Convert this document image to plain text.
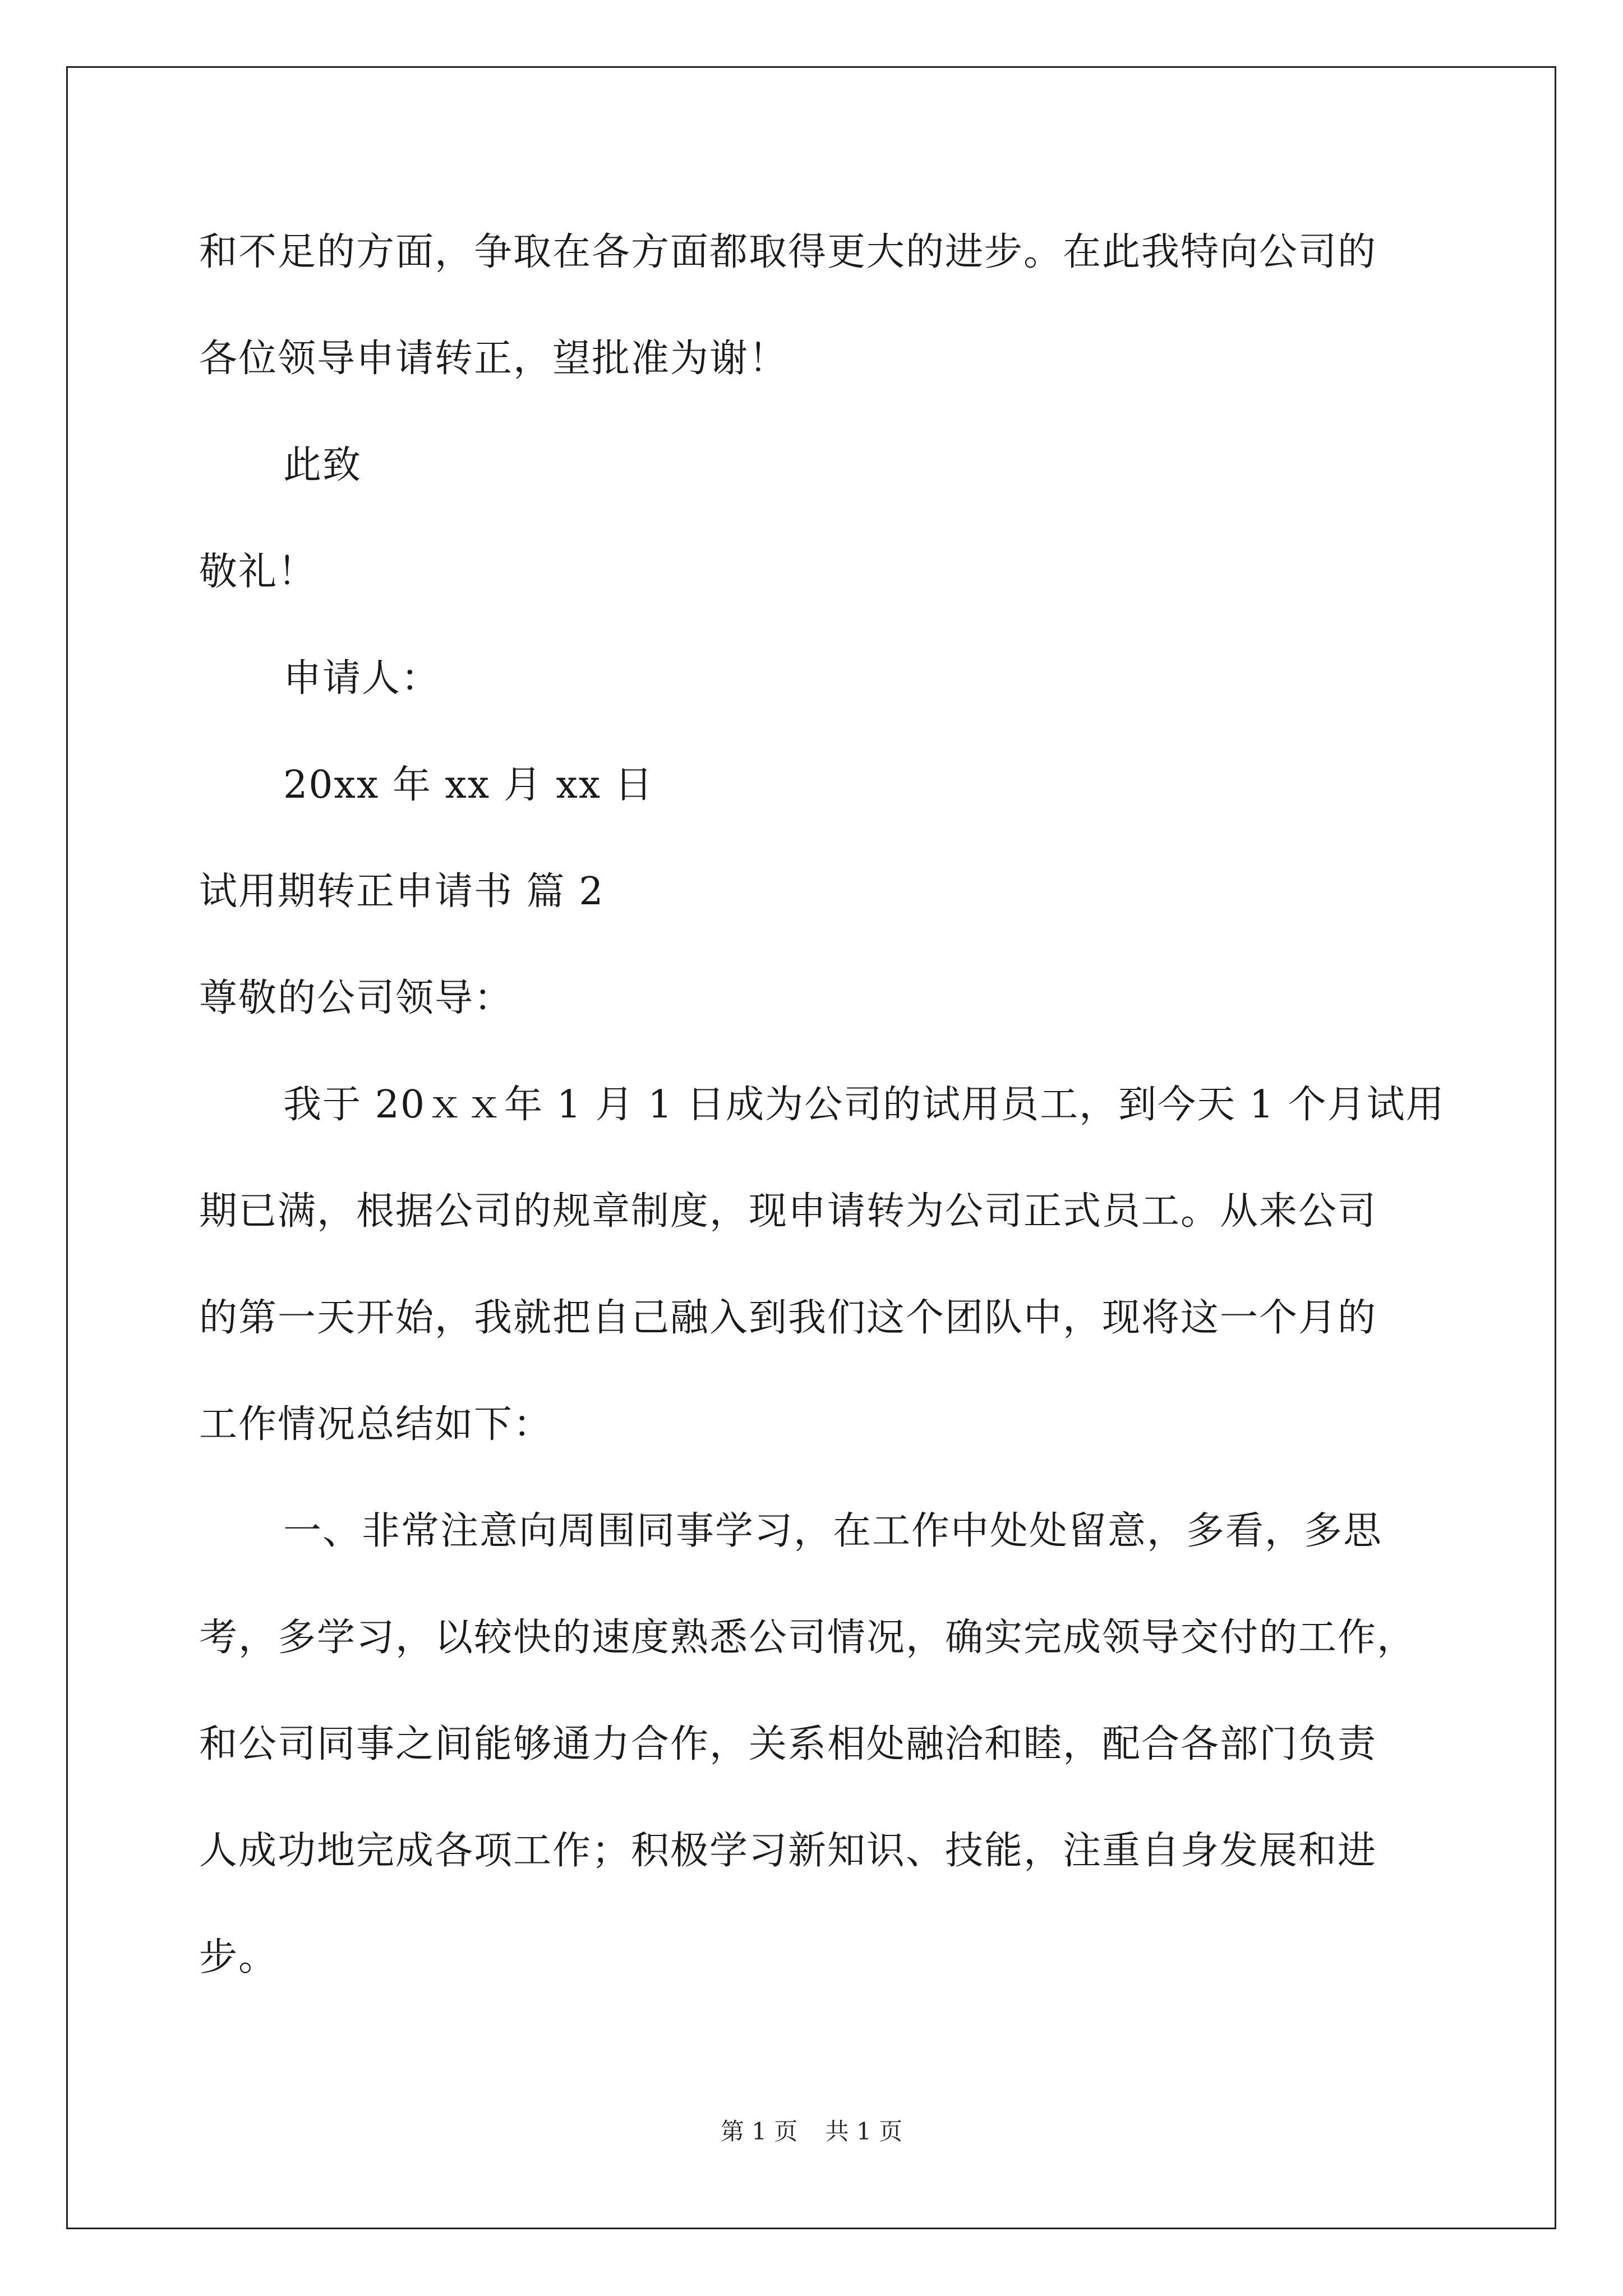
和不足的方面，争取在各方面都取得更大的进步。在此我特向公司的
各位领导申请转正，望批准为谢！
此致
敬礼！
申请人：
20xx 年 xx 月 xx 日
试用期转正申请书 篇 2
尊敬的公司领导：
我于 20ｘｘ年 1 月 1 日成为公司的试用员工，到今天 1 个月试用
期已满，根据公司的规章制度，现申请转为公司正式员工。从来公司
的第一天开始，我就把自己融入到我们这个团队中，现将这一个月的
工作情况总结如下：
一、非常注意向周围同事学习，在工作中处处留意，多看，多思
考，多学习，以较快的速度熟悉公司情况，确实完成领导交付的工作，
和公司同事之间能够通力合作，关系相处融洽和睦，配合各部门负责
人成功地完成各项工作；积极学习新知识、技能，注重自身发展和进
步。
第 1 页 共 1 页
